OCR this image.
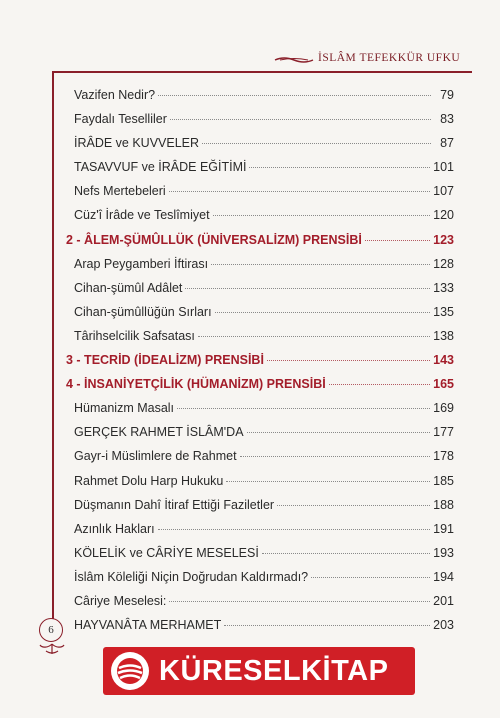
İSLÂM TEFEKKÜR UFKU
Vazifen Nedir?	79
Faydalı Teselliler	83
İRÂDE ve KUVVELER	87
TASAVVUF ve İRÂDE EĞİTİMİ	101
Nefs Mertebeleri	107
Cüz'î İrâde ve Teslîmiyet	120
2 - ÂLEM-ŞÜMÛLLÜK (ÜNİVERSALİZM) PRENSİBİ	123
Arap Peygamberi İftirası	128
Cihan-şümûl Adâlet	133
Cihan-şümûllüğün Sırları	135
Târihselcilik Safsatası	138
3 - TECRİD (İDEALİZM) PRENSİBİ	143
4 - İNSANİYETÇİLİK (HÜMANİZM) PRENSİBİ	165
Hümanizm Masalı	169
GERÇEK RAHMET İSLÂM'DA	177
Gayr-i Müslimlere de Rahmet	178
Rahmet Dolu Harp Hukuku	185
Düşmanın Dahî İtiraf Ettiği Faziletler	188
Azınlık Hakları	191
KÖLELİK ve CÂRİYE MESELESİ	193
İslâm Köleliği Niçin Doğrudan Kaldırmadı?	194
Câriye Meselesi:	201
HAYVANÂTA MERHAMET	203
6
KÜRESELKİTAP
